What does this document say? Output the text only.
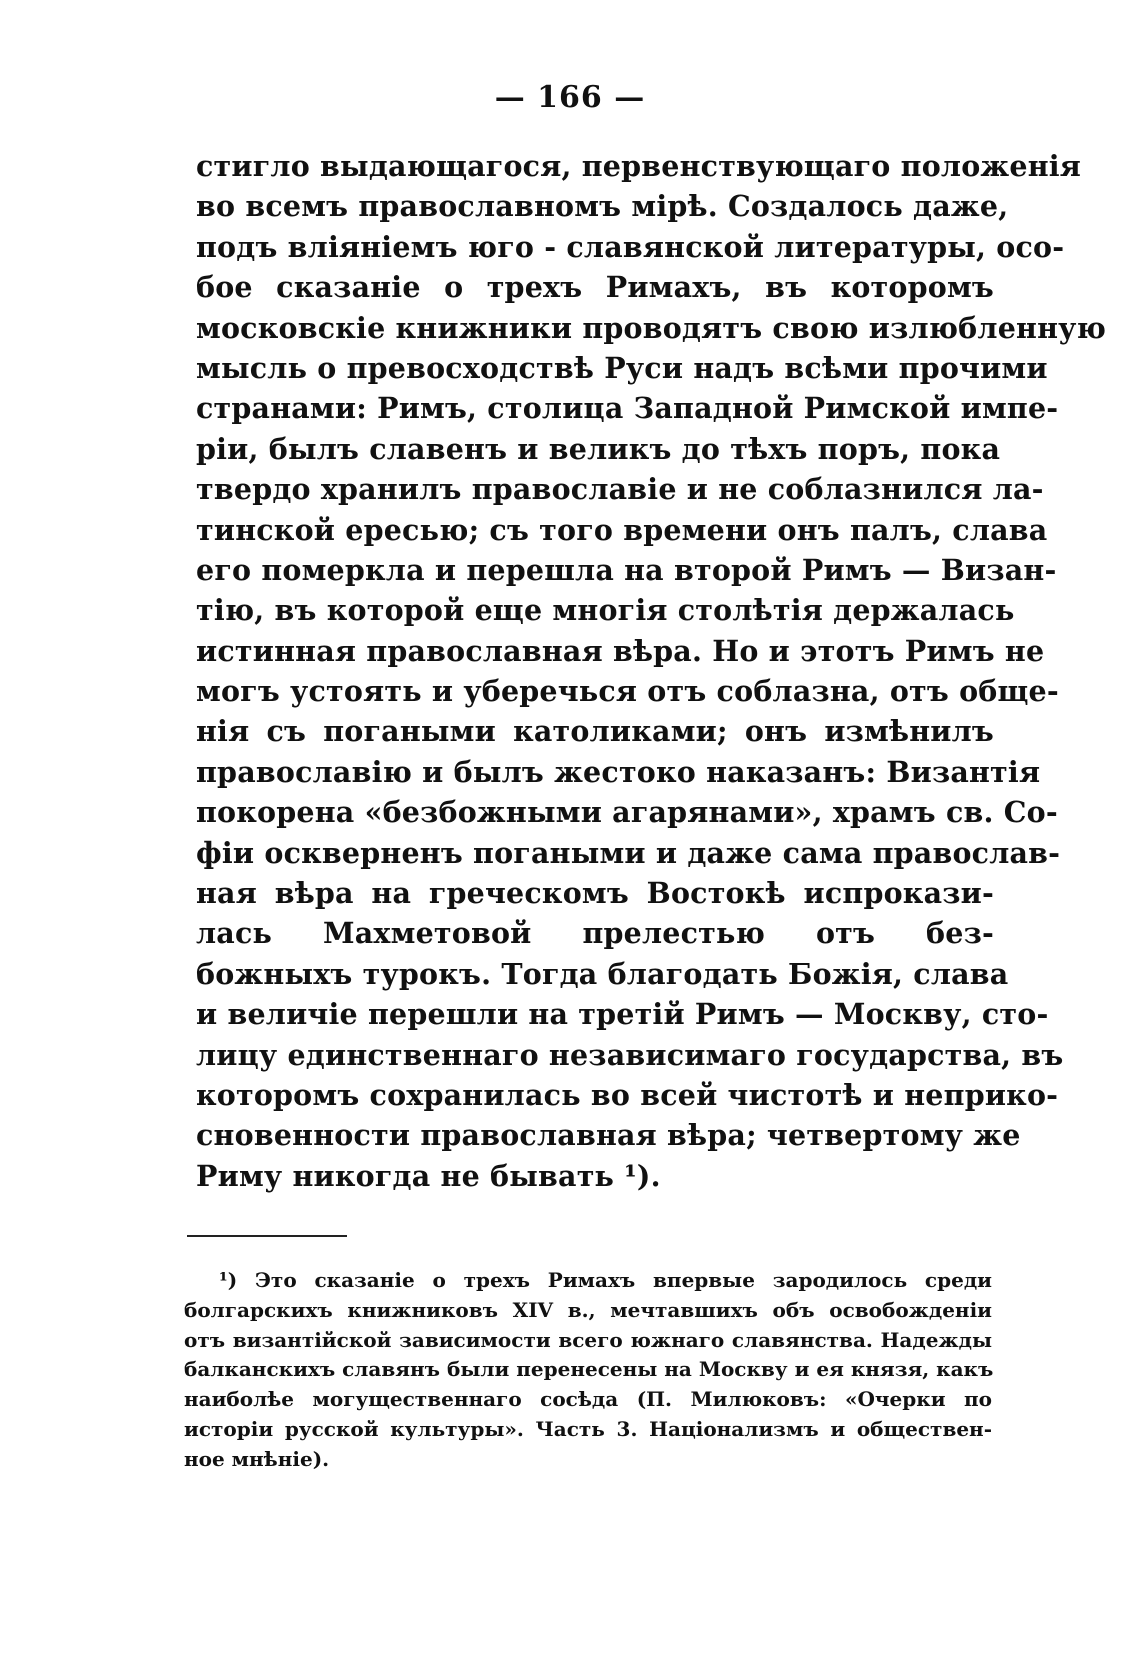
— 166 —
стигло выдающагося, первенствующаго положенія
во всемъ православномъ мірѣ. Создалось даже,
подъ вліяніемъ юго - славянской литературы, осо-
бое сказаніе о трехъ Римахъ, въ которомъ
московскіе книжники проводятъ свою излюбленную
мысль о превосходствѣ Руси надъ всѣми прочими
странами: Римъ, столица Западной Римской импе-
ріи, былъ славенъ и великъ до тѣхъ поръ, пока
твердо хранилъ православіе и не соблазнился ла-
тинской ересью; съ того времени онъ палъ, слава
его померкла и перешла на второй Римъ — Визан-
тію, въ которой еще многія столѣтія держалась
истинная православная вѣра. Но и этотъ Римъ не
могъ устоять и уберечься отъ соблазна, отъ обще-
нія съ погаными католиками; онъ измѣнилъ
православію и былъ жестоко наказанъ: Византія
покорена «безбожными агарянами», храмъ св. Со-
фіи оскверненъ погаными и даже сама православ-
ная вѣра на греческомъ Востокѣ испрокази-
лась Махметовой прелестью отъ без-
божныхъ турокъ. Тогда благодать Божія, слава
и величіе перешли на третій Римъ — Москву, сто-
лицу единственнаго независимаго государства, въ
которомъ сохранилась во всей чистотѣ и неприко-
сновенности православная вѣра; четвертому же
Риму никогда не бывать ¹).
¹) Это сказаніе о трехъ Римахъ впервые зародилось среди
болгарскихъ книжниковъ XIV в., мечтавшихъ объ освобожденіи
отъ византійской зависимости всего южнаго славянства. Надежды
балканскихъ славянъ были перенесены на Москву и ея князя, какъ
наиболѣе могущественнаго сосѣда (П. Милюковъ: «Очерки по
исторіи русской культуры». Часть 3. Націонализмъ и обществен-
ное мнѣніе).
